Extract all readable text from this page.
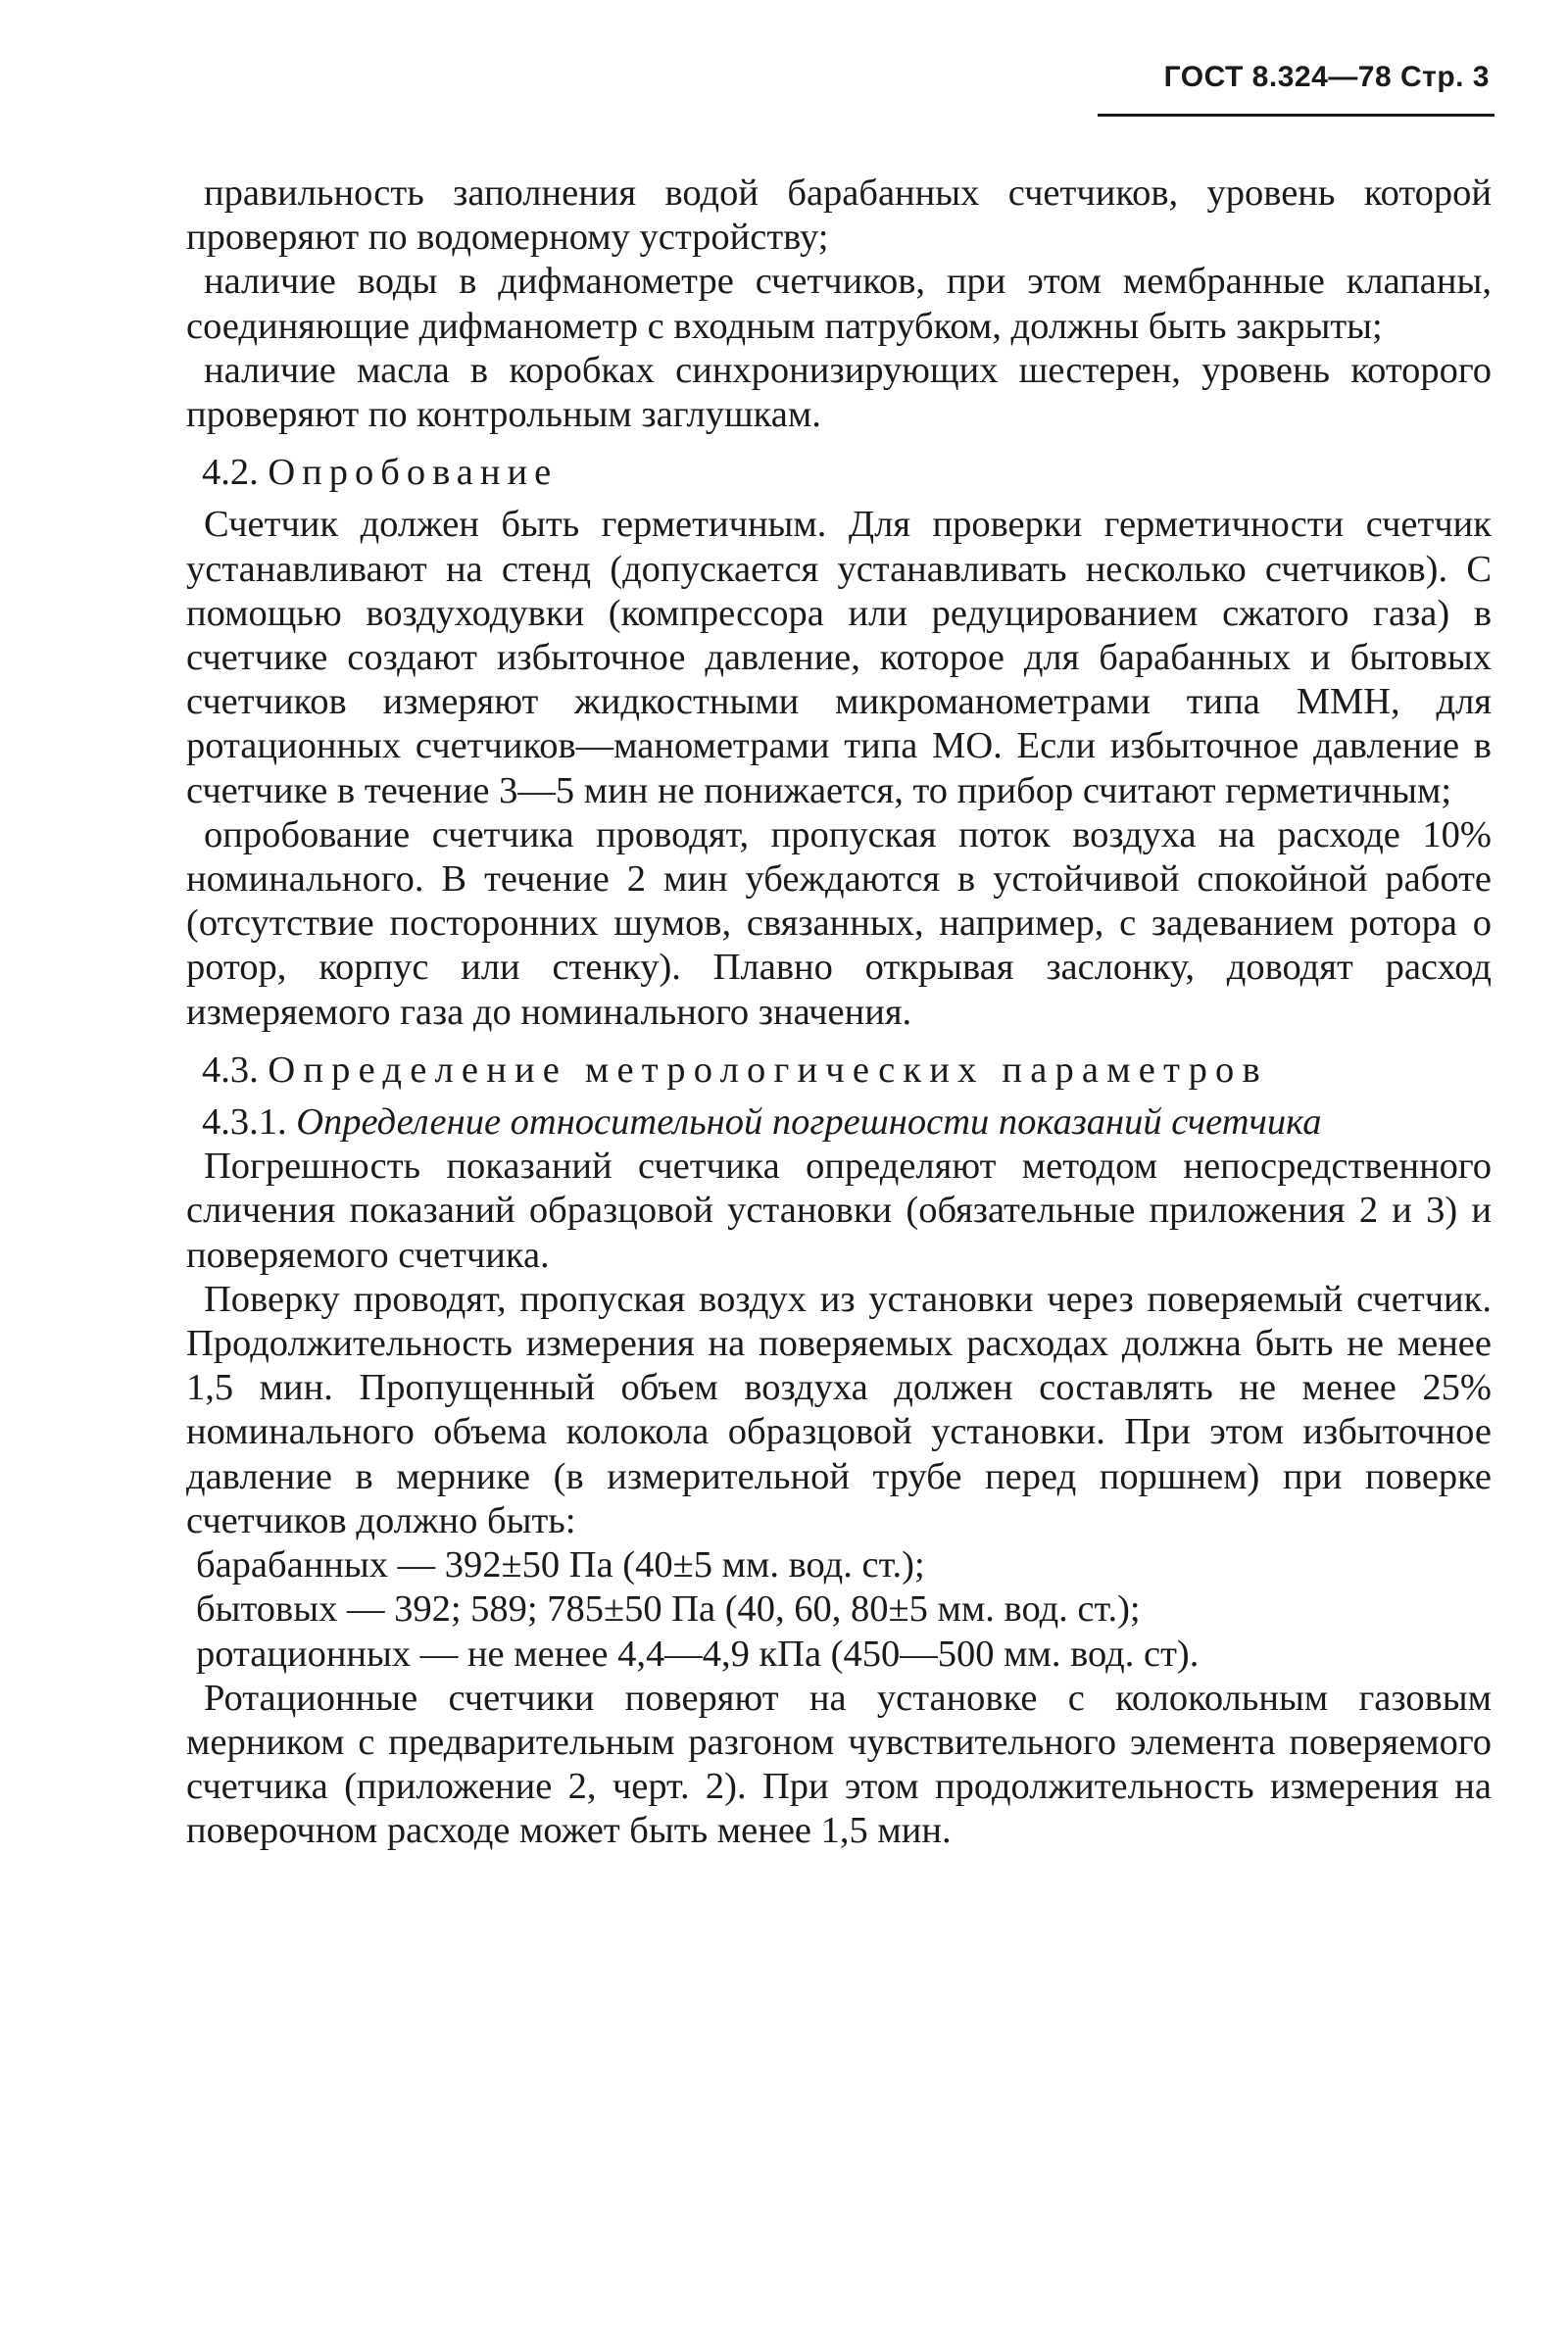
ГОСТ 8.324—78 Стр. 3

правильность заполнения водой барабанных счетчиков, уровень которой проверяют по водомерному устройству;

наличие воды в дифманометре счетчиков, при этом мембранные клапаны, соединяющие дифманометр с входным патрубком, должны быть закрыты;

наличие масла в коробках синхронизирующих шестерен, уровень которого проверяют по контрольным заглушкам.

4.2. Опробование

Счетчик должен быть герметичным. Для проверки герметичности счетчик устанавливают на стенд (допускается устанавливать несколько счетчиков). С помощью воздуходувки (компрессора или редуцированием сжатого газа) в счетчике создают избыточное давление, которое для барабанных и бытовых счетчиков измеряют жидкостными микроманометрами типа ММН, для ротационных счетчиков—манометрами типа МО. Если избыточное давление в счетчике в течение 3—5 мин не понижается, то прибор считают герметичным;

опробование счетчика проводят, пропуская поток воздуха на расходе 10% номинального. В течение 2 мин убеждаются в устойчивой спокойной работе (отсутствие посторонних шумов, связанных, например, с задеванием ротора о ротор, корпус или стенку). Плавно открывая заслонку, доводят расход измеряемого газа до номинального значения.

4.3. Определение метрологических параметров

4.3.1. Определение относительной погрешности показаний счетчика

Погрешность показаний счетчика определяют методом непосредственного сличения показаний образцовой установки (обязательные приложения 2 и 3) и поверяемого счетчика.

Поверку проводят, пропуская воздух из установки через поверяемый счетчик. Продолжительность измерения на поверяемых расходах должна быть не менее 1,5 мин. Пропущенный объем воздуха должен составлять не менее 25% номинального объема колокола образцовой установки. При этом избыточное давление в мернике (в измерительной трубе перед поршнем) при поверке счетчиков должно быть:

барабанных — 392±50 Па (40±5 мм. вод. ст.);

бытовых — 392; 589; 785±50 Па (40, 60, 80±5 мм. вод. ст.);

ротационных — не менее 4,4—4,9 кПа (450—500 мм. вод. ст).

Ротационные счетчики поверяют на установке с колокольным газовым мерником с предварительным разгоном чувствительного элемента поверяемого счетчика (приложение 2, черт. 2). При этом продолжительность измерения на поверочном расходе может быть менее 1,5 мин.
